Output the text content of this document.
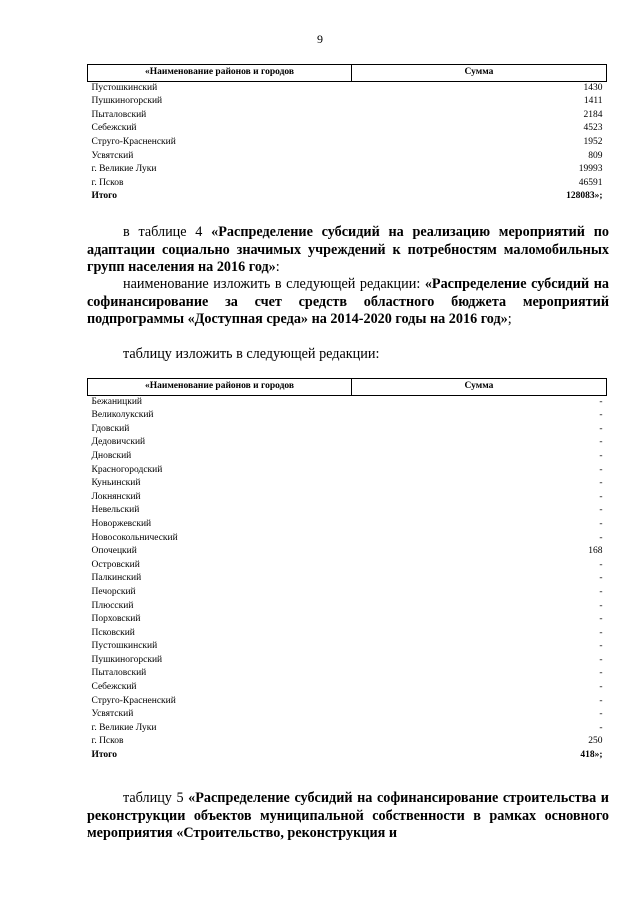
9
«Наименование районов и городов	Сумма
Пустошкинский	1430
Пушкиногорский	1411
Пыталовский	2184
Себежский	4523
Струго-Красненский	1952
Усвятский	809
г. Великие Луки	19993
г. Псков	46591
Итого	128083»;
в таблице 4 «Распределение субсидий на реализацию мероприятий по адаптации социально значимых учреждений к потребностям маломобильных групп населения на 2016 год»:
наименование изложить в следующей редакции: «Распределение субсидий на софинансирование за счет средств областного бюджета мероприятий подпрограммы «Доступная среда» на 2014-2020 годы на 2016 год»;
таблицу изложить в следующей редакции:
«Наименование районов и городов	Сумма
Бежаницкий	-
Великолукский	-
Гдовский	-
Дедовичский	-
Дновский	-
Красногородский	-
Куньинский	-
Локнянский	-
Невельский	-
Новоржевский	-
Новосокольнический	-
Опочецкий	168
Островский	-
Палкинский	-
Печорский	-
Плюсский	-
Порховский	-
Псковский	-
Пустошкинский	-
Пушкиногорский	-
Пыталовский	-
Себежский	-
Струго-Красненский	-
Усвятский	-
г. Великие Луки	-
г. Псков	250
Итого	418»;
таблицу 5 «Распределение субсидий на софинансирование строительства и реконструкции объектов муниципальной собственности в рамках основного мероприятия «Строительство, реконструкция и
